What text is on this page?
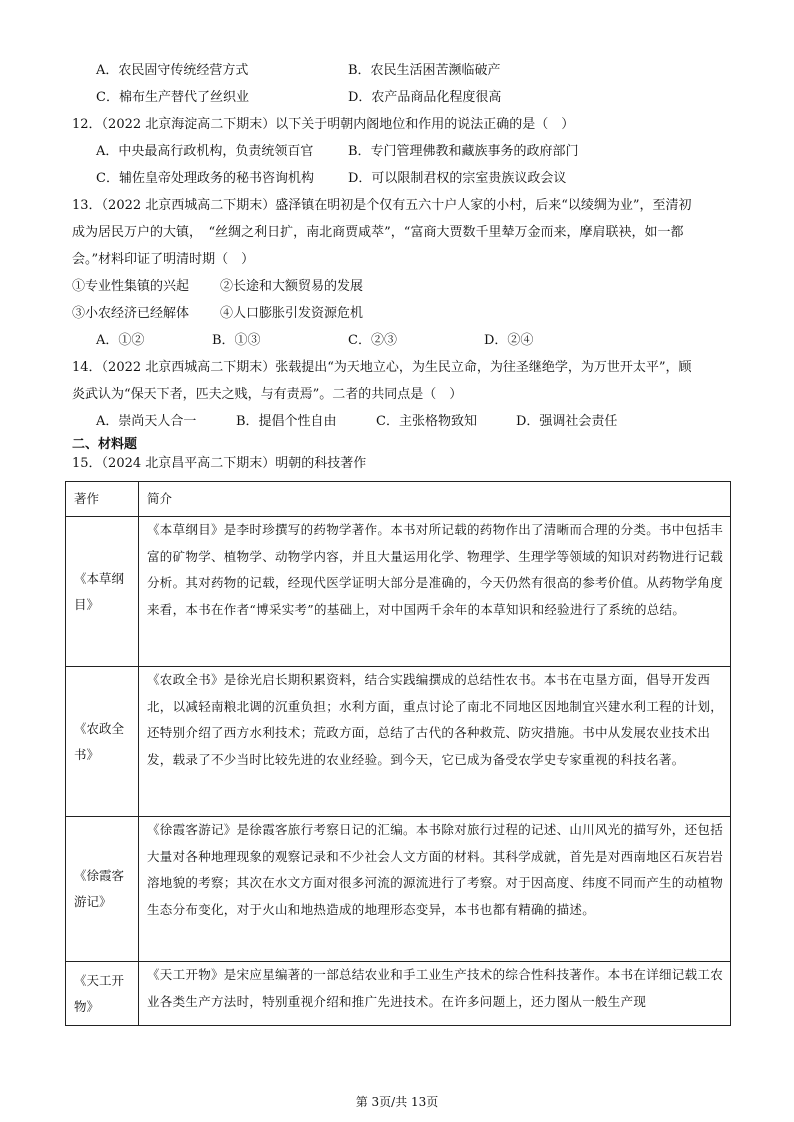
A．农民固守传统经营方式	B．农民生活困苦濒临破产
C．棉布生产替代了丝织业	D．农产品商品化程度很高
12．（2022 北京海淀高二下期末）以下关于明朝内阁地位和作用的说法正确的是（　）
A．中央最高行政机构，负责统领百官	B．专门管理佛教和藏族事务的政府部门
C．辅佐皇帝处理政务的秘书咨询机构	D．可以限制君权的宗室贵族议政会议
13．（2022 北京西城高二下期末）盛泽镇在明初是个仅有五六十户人家的小村，后来“以绫绸为业”，至清初
成为居民万户的大镇，　“丝绸之利日扩，南北商贾咸萃”，“富商大贾数千里辇万金而来，摩肩联袂，如一都
会。”材料印证了明清时期（　）
①专业性集镇的兴起 ②长途和大额贸易的发展
③小农经济已经解体 ④人口膨胀引发资源危机
A．①②	B．①③	C．②③	D．②④
14．（2022 北京西城高二下期末）张载提出“为天地立心，为生民立命，为往圣继绝学，为万世开太平”，顾
炎武认为“保天下者，匹夫之贱，与有责焉”。二者的共同点是（　）
A．崇尚天人合一	B．提倡个性自由	C．主张格物致知	D．强调社会责任
二、材料题
15．（2024 北京昌平高二下期末）明朝的科技著作
著作	简介

《本草纲目》	《本草纲目》是李时珍撰写的药物学著作。本书对所记载的药物作出了清晰而合理的分类。书中包括丰富的矿物学、植物学、动物学内容，并且大量运用化学、物理学、生理学等领域的知识对药物进行记载分析。其对药物的记载，经现代医学证明大部分是准确的，今天仍然有很高的参考价值。从药物学角度来看，本书在作者“博采实考”的基础上，对中国两千余年的本草知识和经验进行了系统的总结。

《农政全书》	《农政全书》是徐光启长期积累资料，结合实践编撰成的总结性农书。本书在屯垦方面，倡导开发西北，以减轻南粮北调的沉重负担；水利方面，重点讨论了南北不同地区因地制宜兴建水利工程的计划，还特别介绍了西方水利技术；荒政方面，总结了古代的各种救荒、防灾措施。书中从发展农业技术出发，载录了不少当时比较先进的农业经验。到今天，它已成为备受农学史专家重视的科技名著。

《徐霞客游记》	《徐霞客游记》是徐霞客旅行考察日记的汇编。本书除对旅行过程的记述、山川风光的描写外，还包括大量对各种地理现象的观察记录和不少社会人文方面的材料。其科学成就，首先是对西南地区石灰岩岩溶地貌的考察；其次在水文方面对很多河流的源流进行了考察。对于因高度、纬度不同而产生的动植物生态分布变化，对于火山和地热造成的地理形态变异，本书也都有精确的描述。

《天工开物》	《天工开物》是宋应星编著的一部总结农业和手工业生产技术的综合性科技著作。本书在详细记载工农业各类生产方法时，特别重视介绍和推广先进技术。在许多问题上，还力图从一般生产现
第 3页/共 13页
